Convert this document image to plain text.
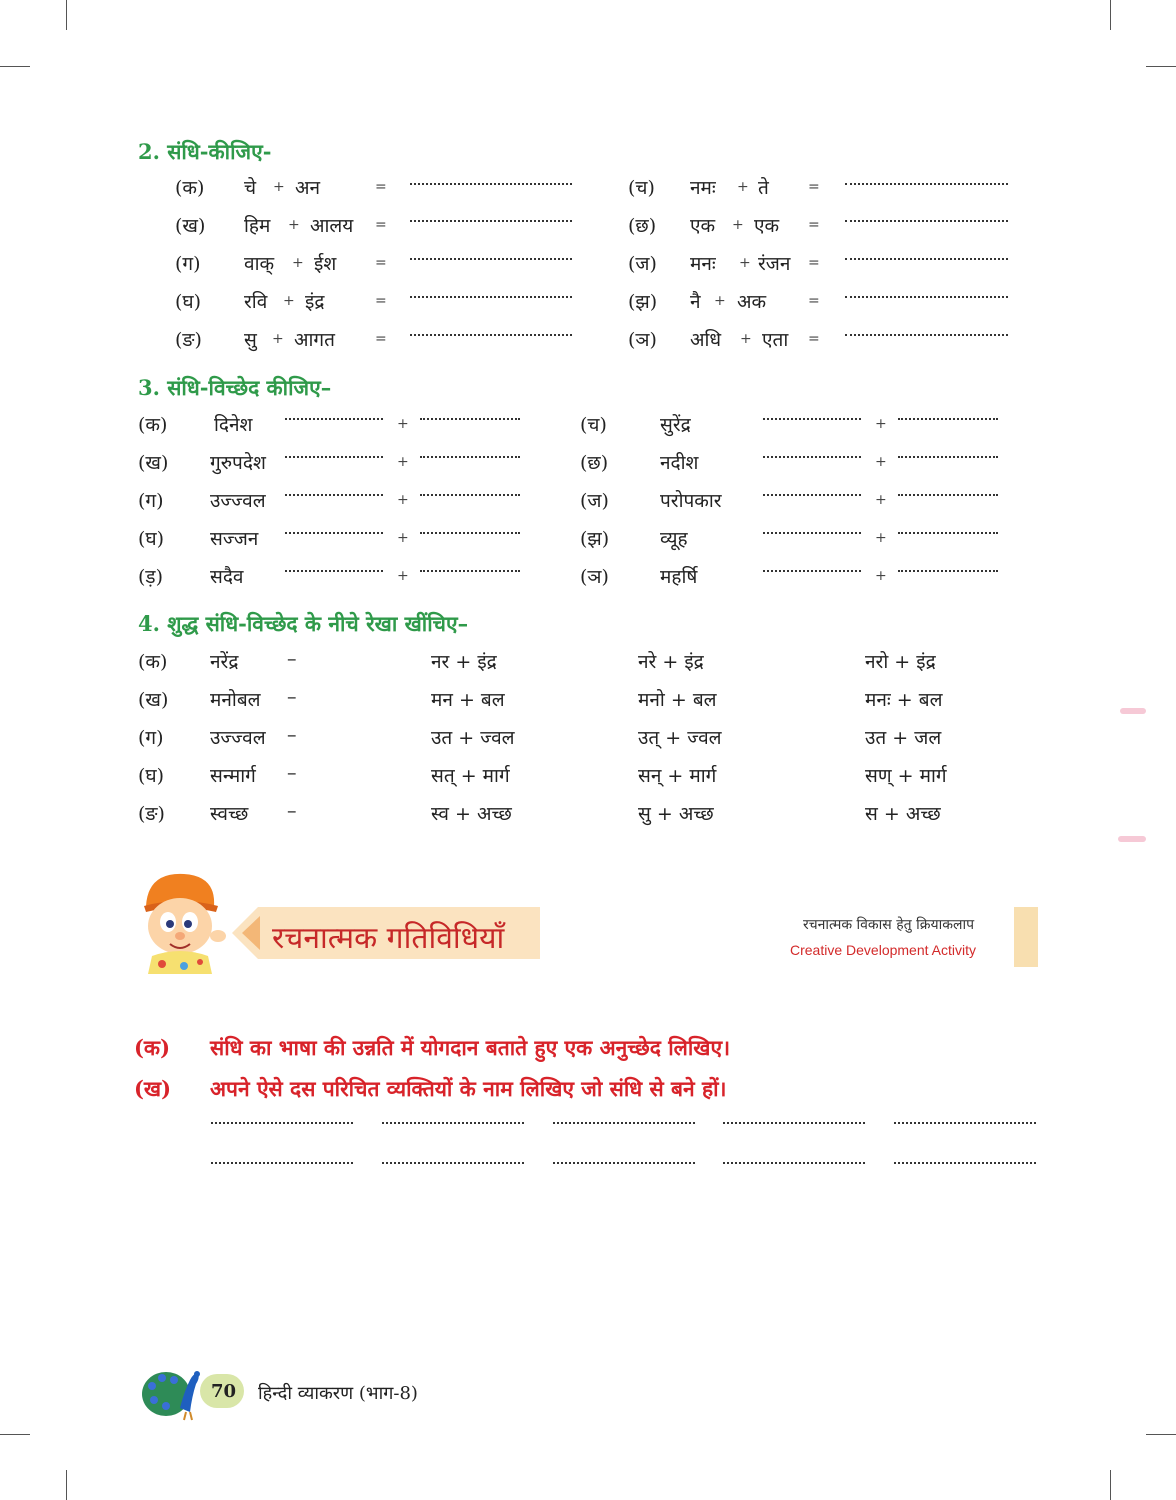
2. संधि-कीजिए-
(क) चे + अन	=
(ख) हिम + आलय =
(ग) वाक् + ईश	=
(घ) रवि + इंद्र	=
(ङ) सु + आगत	=
(च) नमः + ते	=
(छ) एक + एक =
(ज) मनः + रंजन =
(झ) नै + अक	=
(ञ) अधि + एता =
3. संधि-विच्छेद कीजिए–
(क) दिनेश	+
(ख) गुरुपदेश	+
(ग) उज्ज्वल	+
(घ) सज्जन	+
(ड़) सदैव	+
(च)	सुरेंद्र	+
(छ)	नदीश	+
(ज)	परोपकार	+
(झ)	व्यूह	+
(ञ)	महर्षि	+
4. शुद्ध संधि-विच्छेद के नीचे रेखा खींचिए–
(क) नरेंद्र	–	नर + इंद्र	नरे + इंद्र	नरो + इंद्र
(ख) मनोबल –	मन + बल	मनो + बल	मनः + बल
(ग) उज्ज्वल –	उत + ज्वल	उत् + ज्वल	उत + जल
(घ) सन्मार्ग –	सत् + मार्ग	सन् + मार्ग	सण् + मार्ग
(ङ) स्वच्छ –	स्व + अच्छ	सु + अच्छ	स + अच्छ
रचनात्मक गतिविधियाँ	रचनात्मक विकास हेतु क्रियाकलाप
Creative Development Activity
(क) संधि का भाषा की उन्नति में योगदान बताते हुए एक अनुच्छेद लिखिए।
(ख) अपने ऐसे दस परिचित व्यक्तियों के नाम लिखिए जो संधि से बने हों।
70 हिन्दी व्याकरण (भाग-8)
